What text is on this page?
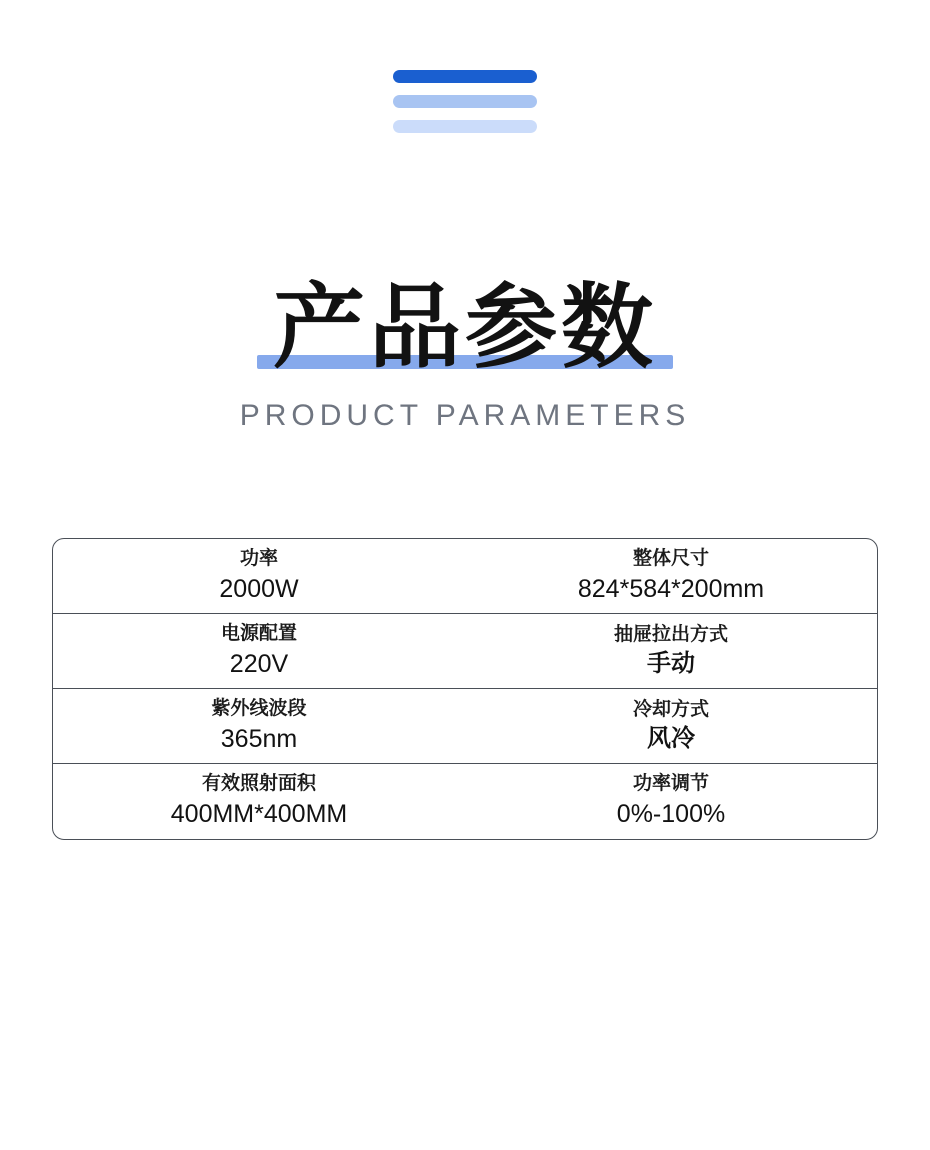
产品参数
PRODUCT PARAMETERS
功率
2000W
整体尺寸
824*584*200mm
电源配置
220V
抽屉拉出方式
手动
紫外线波段
365nm
冷却方式
风冷
有效照射面积
400MM*400MM
功率调节
0%-100%
